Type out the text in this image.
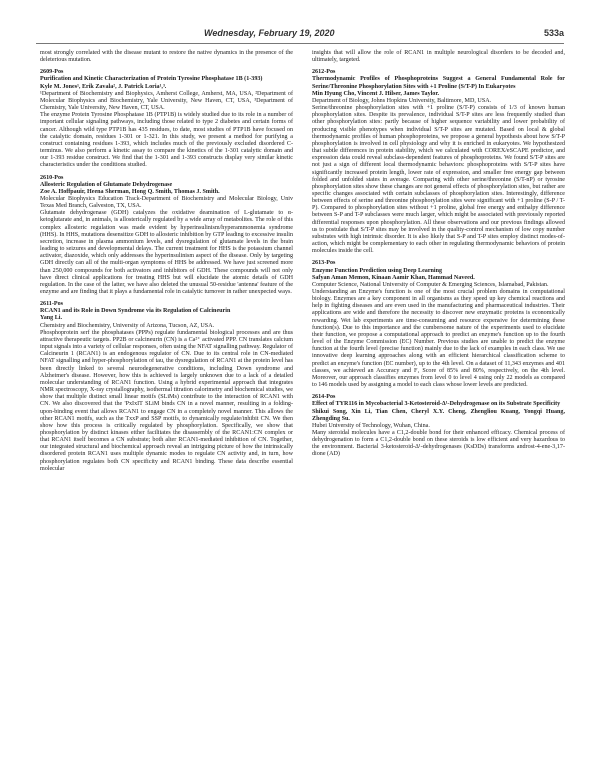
Wednesday, February 19, 2020	533a

most strongly correlated with the disease mutant to restore the native dynamics in the presence of the deleterious mutation.

2609-Pos

Purification and Kinetic Characterization of Protein Tyrosine Phosphatase 1B (1-393)

Kyle M. Jones¹, Erik Zavala², J. Patrick Loria¹,³.

¹Department of Biochemistry and Biophysics, Amherst College, Amherst, MA, USA, ²Department of Molecular Biophysics and Biochemistry, Yale University, New Haven, CT, USA, ³Department of Chemistry, Yale University, New Haven, CT, USA.

The enzyme Protein Tyrosine Phosphatase 1B (PTP1B) is widely studied due to its role in a number of important cellular signaling pathways, including those related to type 2 diabetes and certain forms of cancer. Although wild type PTP1B has 435 residues, to date, most studies of PTP1B have focused on the catalytic domain, residues 1-301 or 1-321. In this study, we present a method for purifying a construct containing residues 1-393, which includes much of the previously excluded disordered C-terminus. We also perform a kinetic assay to compare the kinetics of the 1-301 catalytic domain and our 1-393 residue construct. We find that the 1-301 and 1-393 constructs display very similar kinetic characteristics under the conditions studied.

2610-Pos

Allosteric Regulation of Glutamate Dehydrogenase

Zoe A. Hoffpauir, Heena Sherman, Hong Q. Smith, Thomas J. Smith.

Molecular Biophysics Education Track-Department of Biochemistry and Molecular Biology, Univ Texas Med Branch, Galveston, TX, USA.

Glutamate dehydrogenase (GDH) catalyzes the oxidative deamination of L-glutamate to α-ketoglutarate and, in animals, is allosterically regulated by a wide array of metabolites. The role of this complex allosteric regulation was made evident by hyperinsulinism/hyperammonemia syndrome (HHS). In HHS, mutations desensitize GDH to allosteric inhibition by GTP leading to excessive insulin secretion, increase in plasma ammonium levels, and dysregulation of glutamate levels in the brain leading to seizures and developmental delays. The current treatment for HHS is the potassium channel activator, diazoxide, which only addresses the hyperinsulinism aspect of the disease. Only by targeting GDH directly can all of the multi-organ symptoms of HHS be addressed. We have just screened more than 250,000 compounds for both activators and inhibitors of GDH. These compounds will not only have direct clinical applications for treating HHS but will elucidate the atomic details of GDH regulation. In the case of the latter, we have also deleted the unusual 50-residue 'antenna' feature of the enzyme and are finding that it plays a fundamental role in catalytic turnover in rather unexpected ways.

2611-Pos

RCAN1 and its Role in Down Syndrome via its Regulation of Calcineurin

Yang Li.

Chemistry and Biochemistry, University of Arizona, Tucson, AZ, USA.

Phosphoprotein serf the phosphatases (PPPs) regulate fundamental biological processes and are thus attractive therapeutic targets. PP2B or calcineurin (CN) is a Ca²⁺ activated PPP. CN translates calcium input signals into a variety of cellular responses, often using the NFAT signalling pathway. Regulator of Calcineurin 1 (RCAN1) is an endogenous regulator of CN. Due to its central role in CN-mediated NFAT signalling and hyper-phosphorylation of tau, the dysregulation of RCAN1 at the protein level has been directly linked to several neurodegenerative conditions, including Down syndrome and Alzheimer's disease. However, how this is achieved is largely unknown due to a lack of a detailed molecular understanding of RCAN1 function. Using a hybrid experimental approach that integrates NMR spectroscopy, X-ray crystallography, isothermal titration calorimetry and biochemical studies, we show that multiple distinct small linear motifs (SLiMs) contribute to the interaction of RCAN1 with CN. We also discovered that the 'PxIxIT SLiM binds CN in a novel manner, resulting in a folding-upon-binding event that allows RCAN1 to engage CN in a completely novel manner. This allows the other RCAN1 motifs, such as the TxxP and SSP motifs, to dynamically regulate/inhibit CN. We then show how this process is critically regulated by phosphorylation. Specifically, we show that phosphorylation by distinct kinases either facilitates the disassembly of the RCAN1:CN complex or that RCAN1 itself becomes a CN substrate; both alter RCAN1-mediated inhibition of CN. Together, our integrated structural and biochemical approach reveal an intriguing picture of how the intrinsically disordered protein RCAN1 uses multiple dynamic modes to regulate CN activity and, in turn, how phosphorylation regulates both CN specificity and RCAN1 binding. These data describe essential molecular

insights that will allow the role of RCAN1 in multiple neurological disorders to be decoded and, ultimately, targeted.

2612-Pos

Thermodynamic Profiles of Phosphoproteins Suggest a General Fundamental Role for Serine/Threonine Phosphorylation Sites with +1 Proline (S/T-P) In Eukaryotes

Min Hyung Cho, Vincent J. Hilser, James Taylor.

Department of Biology, Johns Hopkins University, Baltimore, MD, USA.

Serine/threonine phosphorylation sites with +1 proline (S/T-P) consists of 1/3 of known human phosphorylation sites. Despite its prevalence, individual S/T-P sites are less frequently studied than other phosphorylation sites: partly because of higher sequence variability and lower probability of producing visible phenotypes when individual S/T-P sites are mutated. Based on local & global thermodynamic profiles of human phosphoproteins, we propose a general hypothesis about how S/T-P phosphorylation is involved in cell physiology and why it is enriched in eukaryotes. We hypothesized that subtle differences in protein stability, which we calculated with COREX/eSCAPE predictor, and expression data could reveal subclass-dependent features of phosphoproteins. We found S/T-P sites are not just a sign of different local thermodynamic behaviors: phosphoproteins with S/T-P sites have significantly increased protein length, lower rate of expression, and smaller free energy gap between folded and unfolded states in average. Comparing with other serine/threonine (S/T-nP) or tyrosine phosphorylation sites show these changes are not general effects of phosphorylation sites, but rather are specific changes associated with certain subclasses of phosphorylation sites. Interestingly, difference between effects of serine and threonine phosphorylation sites were significant with +1 proline (S-P / T-P). Compared to phosphorylation sites without +1 proline, global free energy and enthalpy difference between S-P and T-P subclasses were much larger, which might be associated with previously reported differential responses upon phosphorylation. All these observations and our previous findings allowed us to postulate that S/T-P sites may be involved in the quality-control mechanism of low copy number substrates with high intrinsic disorder. It is also likely that S-P and T-P sites employ distinct modes-of-action, which might be complementary to each other in regulating thermodynamic behaviors of protein molecules inside the cell.

2613-Pos

Enzyme Function Prediction using Deep Learning

Safyan Aman Memon, Kinaan Aamir Khan, Hammad Naveed.

Computer Science, National University of Computer & Emerging Sciences, Islamabad, Pakistan.

Understanding an Enzyme's function is one of the most crucial problem domains in computational biology. Enzymes are a key component in all organisms as they speed up key chemical reactions and help in fighting diseases and are even used in the manufacturing and pharmaceutical industries. Their applications are wide and therefore the necessity to discover new enzymatic proteins is economically rewarding. Wet lab experiments are time-consuming and resource expensive for determining these function(s). Due to this importance and the cumbersome nature of the experiments used to elucidate their function, we propose a computational approach to predict an enzyme's function up to the fourth level of the Enzyme Commission (EC) Number. Previous studies are unable to predict the enzyme function at the fourth level (precise function) mainly due to the lack of examples in each class. We use innovative deep learning approaches along with an efficient hierarchical classification scheme to predict an enzyme's function (EC number), up to the 4th level. On a dataset of 11,343 enzymes and 401 classes, we achieved an Accuracy and F₁ Score of 85% and 80%, respectively, on the 4th level. Moreover, our approach classifies enzymes from level 0 to level 4 using only 22 models as compared to 146 models used by assigning a model to each class whose lower levels are predicted.

2614-Pos

Effect of TYR116 in Mycobacterial 3-Ketosteroid-Δ¹-Dehydrogenase on its Substrate Specificity

Shikui Song, Xin Li, Tian Chen, Cheryl X.Y. Cheng, Zhengliou Kuang, Yongqi Huang, Zhengding Su.

Hubei University of Technology, Wuhan, China.

Many steroidal molecules have a C1,2-double bond for their enhanced efficacy. Chemical process of dehydrogenation to form a C1,2-double bond on these steroids is low efficient and very hazardous to the environment. Bacterial 3-ketosteroid-Δ¹-dehydrogenases (KsDDs) transforms androst-4-ene-3,17-dione (AD)
